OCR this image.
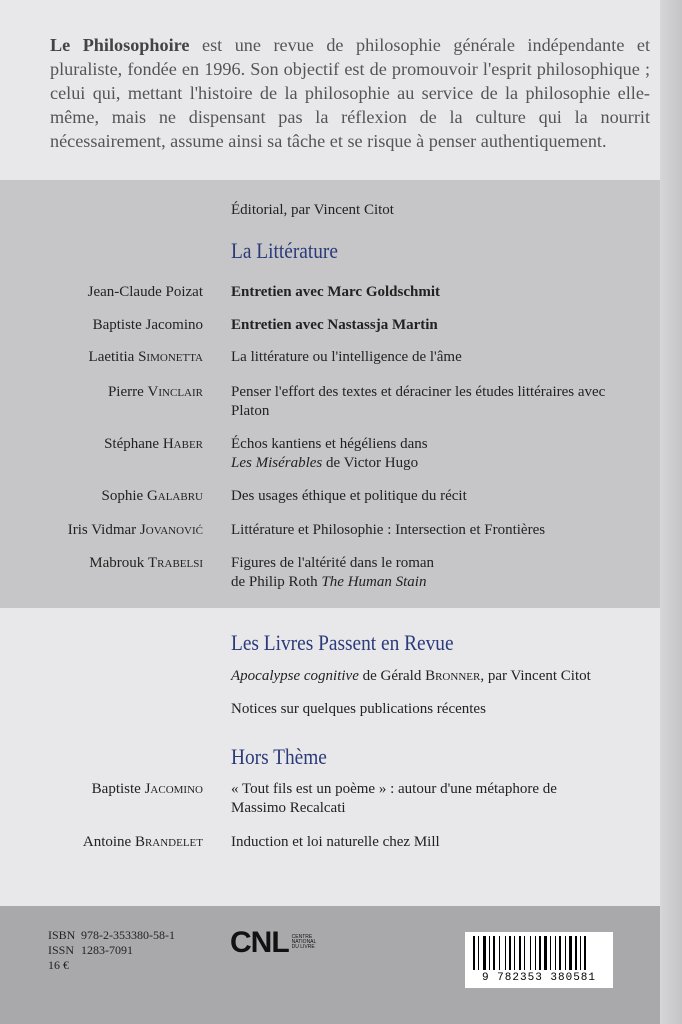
Le Philosophoire est une revue de philosophie générale indépendante et pluraliste, fondée en 1996. Son objectif est de promouvoir l'esprit philosophique ; celui qui, mettant l'histoire de la philosophie au service de la philosophie elle-même, mais ne dispensant pas la réflexion de la culture qui la nourrit nécessairement, assume ainsi sa tâche et se risque à penser authentiquement.
Éditorial, par Vincent Citot
La Littérature
Jean-Claude Poizat Entretien avec Marc Goldschmit
Baptiste Jacomino Entretien avec Nastassja Martin
Laetitia Simonetta La littérature ou l'intelligence de l'âme
Pierre Vinclair Penser l'effort des textes et déraciner les études littéraires avec Platon
Stéphane Haber Échos kantiens et hégéliens dans
Les Misérables de Victor Hugo
Sophie Galabru Des usages éthique et politique du récit
Iris Vidmar Jovanović Littérature et Philosophie : Intersection et Frontières
Mabrouk Trabelsi Figures de l'altérité dans le roman
de Philip Roth The Human Stain
Les Livres Passent en Revue
Apocalypse cognitive de Gérald Bronner, par Vincent Citot
Notices sur quelques publications récentes
Hors Thème
Baptiste Jacomino « Tout fils est un poème » : autour d'une métaphore de Massimo Recalcati
Antoine Brandelet Induction et loi naturelle chez Mill
ISBN 978-2-353380-58-1
ISSN 1283-7091
16 €
CNL CENTRE
NATIONAL
DU LIVRE
9 782353 380581
